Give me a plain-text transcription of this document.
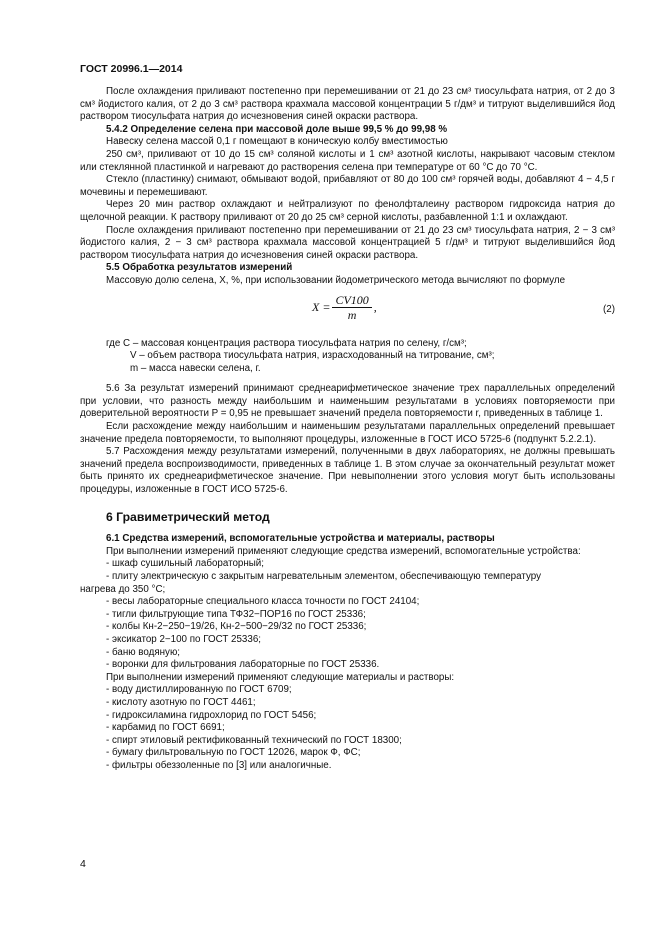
ГОСТ 20996.1—2014

После охлаждения приливают постепенно при перемешивании от 21 до 23 см³ тиосульфата натрия, от 2 до 3 см³ йодистого калия, от 2 до 3 см³ раствора крахмала массовой концентрации 5 г/дм³ и титруют выделившийся йод раствором тиосульфата натрия до исчезновения синей окраски раствора.

5.4.2 Определение селена при массовой доле выше 99,5 % до 99,98 %

Навеску селена массой 0,1 г помещают в коническую колбу вместимостью

250 см³, приливают от 10 до 15 см³ соляной кислоты и 1 см³ азотной кислоты, накрывают часовым стеклом или стеклянной пластинкой и нагревают до растворения селена при температуре от 60 °С до 70 °С.

Стекло (пластинку) снимают, обмывают водой, прибавляют от 80 до 100 см³ горячей воды, добавляют 4 − 4,5 г мочевины и перемешивают.

Через 20 мин раствор охлаждают и нейтрализуют по фенолфталеину раствором гидроксида натрия до щелочной реакции. К раствору приливают от 20 до 25 см³ серной кислоты, разбавленной 1:1 и охлаждают.

После охлаждения приливают постепенно при перемешивании от 21 до 23 см³ тиосульфата натрия, 2 − 3 см³ йодистого калия, 2 − 3 см³ раствора крахмала массовой концентрацией 5 г/дм³ и титруют выделившийся йод раствором тиосульфата натрия до исчезновения синей окраски раствора.

5.5 Обработка результатов измерений

Массовую долю селена, X, %, при использовании йодометрического метода вычисляют по формуле

$X = \frac{CV100}{m}$ ,	(2)

где C – массовая концентрация раствора тиосульфата натрия по селену, г/см³;

V – объем раствора тиосульфата натрия, израсходованный на титрование, см³;

m – масса навески селена, г.

5.6 За результат измерений принимают среднеарифметическое значение трех параллельных определений при условии, что разность между наибольшим и наименьшим результатами в условиях повторяемости при доверительной вероятности P = 0,95 не превышает значений предела повторяемости r, приведенных в таблице 1.

Если расхождение между наибольшим и наименьшим результатами параллельных определений превышает значение предела повторяемости, то выполняют процедуры, изложенные в ГОСТ ИСО 5725-6 (подпункт 5.2.2.1).

5.7 Расхождения между результатами измерений, полученными в двух лабораториях, не должны превышать значений предела воспроизводимости, приведенных в таблице 1. В этом случае за окончательный результат может быть принято их среднеарифметическое значение. При невыполнении этого условия могут быть использованы процедуры, изложенные в ГОСТ ИСО 5725-6.

6 Гравиметрический метод

6.1 Средства измерений, вспомогательные устройства и материалы, растворы

При выполнении измерений применяют следующие средства измерений, вспомогательные устройства:

- шкаф сушильный лабораторный;

- плиту электрическую с закрытым нагревательным элементом, обеспечивающую температуру

нагрева до 350 °С;

- весы лабораторные специального класса точности по ГОСТ 24104;

- тигли фильтрующие типа ТФ32−ПОР16 по ГОСТ 25336;

- колбы Кн-2−250−19/26, Кн-2−500−29/32 по ГОСТ 25336;

- эксикатор 2−100 по ГОСТ 25336;

- баню водяную;

- воронки для фильтрования лабораторные по ГОСТ 25336.

При выполнении измерений применяют следующие материалы и растворы:

- воду дистиллированную по ГОСТ 6709;

- кислоту азотную по ГОСТ 4461;

- гидроксиламина гидрохлорид по ГОСТ 5456;

- карбамид по ГОСТ 6691;

- спирт этиловый ректификованный технический по ГОСТ 18300;

- бумагу фильтровальную по ГОСТ 12026, марок Ф, ФС;

- фильтры обеззоленные по [3] или аналогичные.

4
